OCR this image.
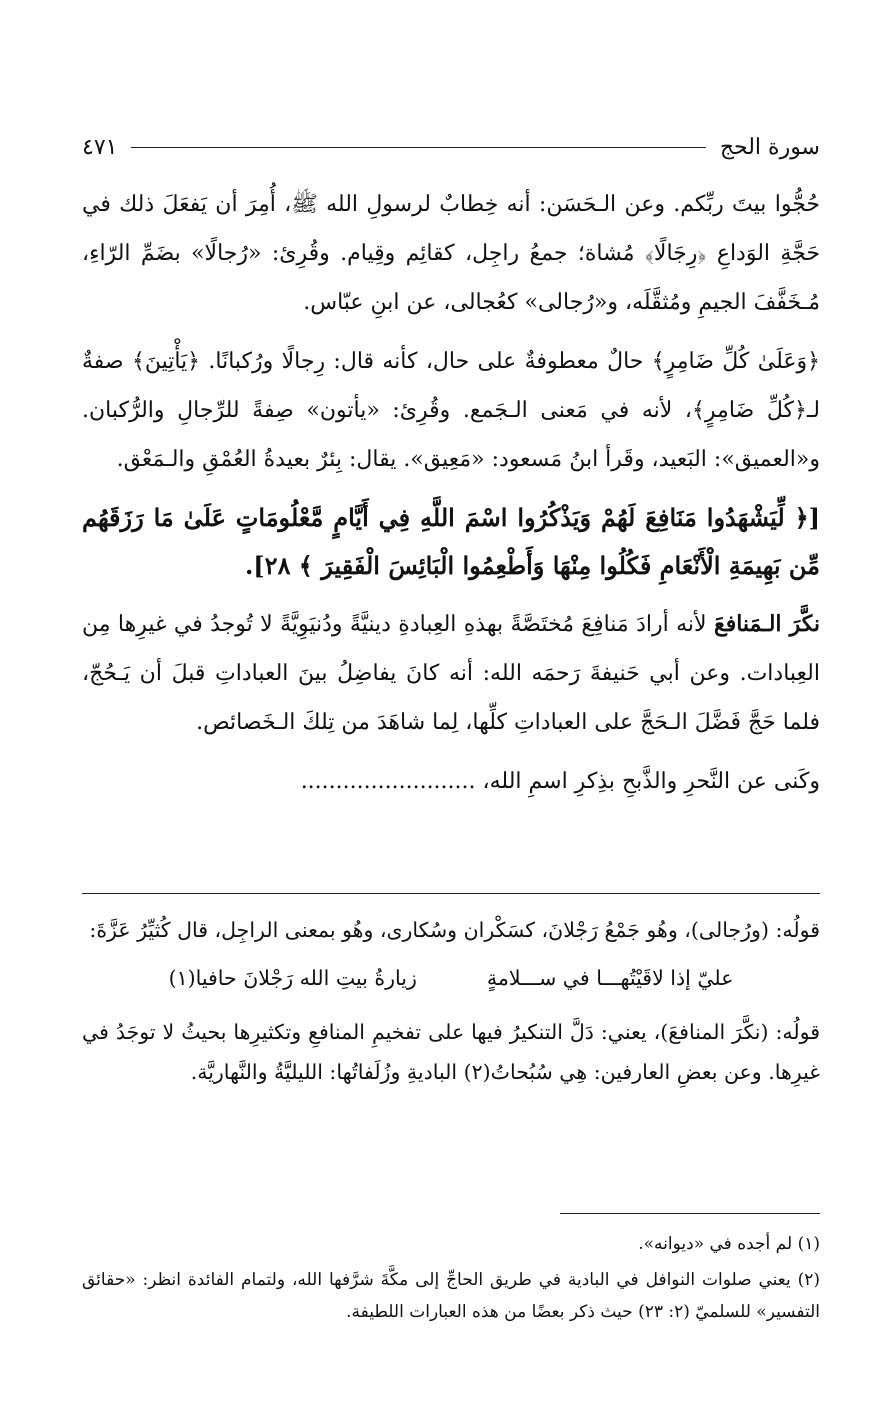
سورة الحج
٤٧١

حُجُّوا بيتَ ربِّكم. وعن الـحَسَن: أنه خِطابٌ لرسولِ الله ﷺ، أُمِرَ أن يَفعَلَ ذلك في حَجَّةِ الوَداعِ ﴿رِجَالًا﴾ مُشاة؛ جمعُ راجِل، كقائِم وقِيام. وقُرِئ: «رُجالًا» بضَمِّ الرّاءِ، مُـخَفَّفَ الجيمِ ومُثقَّلَه، و«رُجالى» كعُجالى، عن ابنِ عبّاس.

﴿وَعَلَىٰ كُلِّ ضَامِرٍ﴾ حالٌ معطوفةٌ على حال، كأنه قال: رِجالًا ورُكبانًا. ﴿يَأْتِينَ﴾ صفةٌ لـ﴿كُلِّ ضَامِرٍ﴾، لأنه في مَعنى الـجَمع. وقُرِئ: «يأتون» صِفةً للرِّجالِ والرُّكبان. و«العميق»: البَعيد، وقَرأ ابنُ مَسعود: «مَعِيق». يقال: بِئرٌ بعيدةُ العُمْقِ والـمَعْق.

[﴿ لِّيَشْهَدُوا مَنَافِعَ لَهُمْ وَيَذْكُرُوا اسْمَ اللَّهِ فِي أَيَّامٍ مَّعْلُومَاتٍ عَلَىٰ مَا رَزَقَهُم مِّن بَهِيمَةِ الْأَنْعَامِ فَكُلُوا مِنْهَا وَأَطْعِمُوا الْبَائِسَ الْفَقِيرَ ﴾ ٢٨].

نكَّرَ الـمَنافعَ لأنه أرادَ مَنافِعَ مُختَصَّةً بهذهِ العِبادةِ دينيَّةً ودُنيَوِيَّةً لا تُوجدُ في غيرِها مِن العِبادات. وعن أبي حَنيفةَ رَحمَه الله: أنه كانَ يفاضِلُ بينَ العباداتِ قبلَ أن يَـحُجّ، فلما حَجَّ فَضَّلَ الـحَجَّ على العباداتِ كلِّها، لِما شاهَدَ من تِلكَ الـخَصائص.

وكَنى عن النَّحرِ والذَّبحِ بذِكرِ اسمِ الله، .........................

قولُه: (ورُجالى)، وهُو جَمْعُ رَجْلانَ، كسَكْران وسُكارى، وهُو بمعنى الراجِل، قال كُثيِّرُ عَزَّةَ:

عليّ إذا لاقَيْتُهـــا في ســـلامةٍ
زيارةُ بيتِ الله رَجْلانَ حافيا(١)

قولُه: (نكَّرَ المنافعَ)، يعني: دَلَّ التنكيرُ فيها على تفخيمِ المنافعِ وتكثيرِها بحيثُ لا توجَدُ في غيرِها. وعن بعضِ العارفين: هِي سُبُحاتُ(٢) الباديةِ وزُلَفاتُها: الليليَّةُ والنَّهاريَّة.

(١) لم أجده في «ديوانه».

(٢) يعني صلوات النوافل في البادية في طريق الحاجِّ إلى مكَّةَ شرَّفها الله، ولتمام الفائدة انظر: «حقائق التفسير» للسلميّ (٢: ٢٣) حيث ذكر بعضًا من هذه العبارات اللطيفة.
